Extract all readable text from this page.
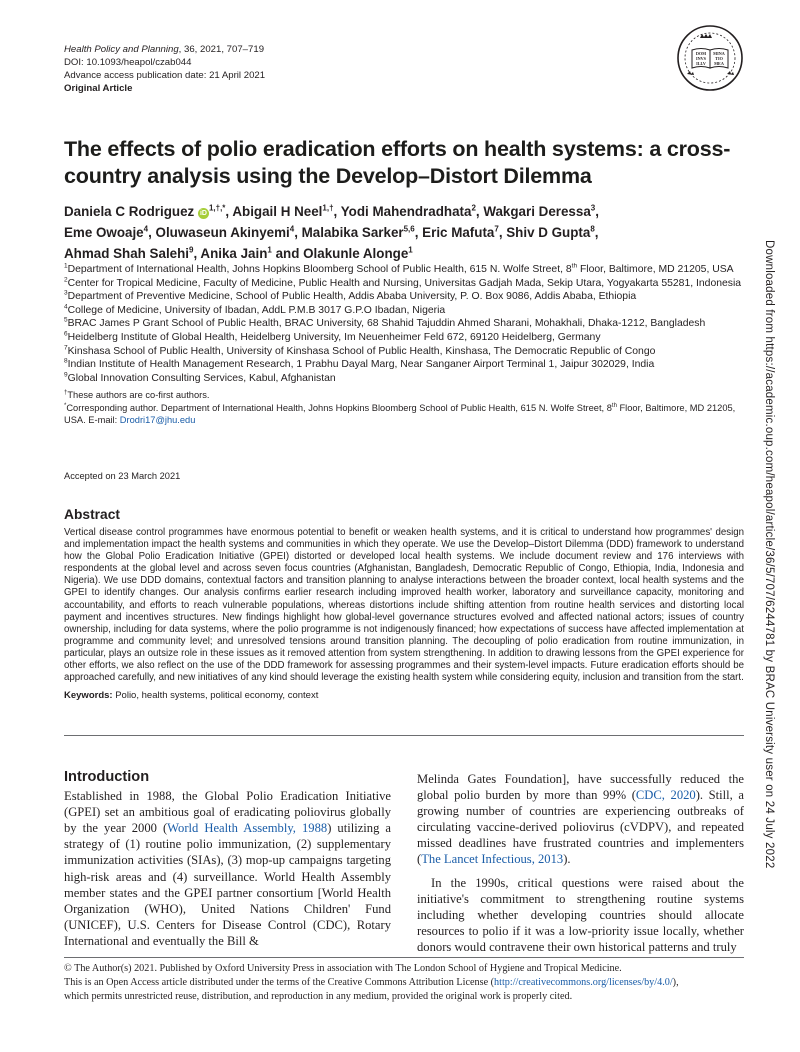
Health Policy and Planning, 36, 2021, 707–719
DOI: 10.1093/heapol/czab044
Advance access publication date: 21 April 2021
Original Article
DOM
INVS
ILLV
MINA
TIO
MEA
The effects of polio eradication efforts on health systems: a cross-country analysis using the Develop–Distort Dilemma
Daniela C Rodriguez $iD^{1,\dagger,*}$, Abigail H Neel$^{1,\dagger}$, Yodi Mahendradhata$^2$, Wakgari Deressa$^3$,
Eme Owoaje$^4$, Oluwaseun Akinyemi$^4$, Malabika Sarker$^{5,6}$, Eric Mafuta$^7$, Shiv D Gupta$^8$,
Ahmad Shah Salehi$^9$, Anika Jain$^1$ and Olakunle Alonge$^1$

$^1$Department of International Health, Johns Hopkins Bloomberg School of Public Health, 615 N. Wolfe Street, 8th Floor, Baltimore, MD 21205, USA

$^2$Center for Tropical Medicine, Faculty of Medicine, Public Health and Nursing, Universitas Gadjah Mada, Sekip Utara, Yogyakarta 55281, Indonesia

$^3$Department of Preventive Medicine, School of Public Health, Addis Ababa University, P. O. Box 9086, Addis Ababa, Ethiopia

$^4$College of Medicine, University of Ibadan, AddL P.M.B 3017 G.P.O Ibadan, Nigeria

$^5$BRAC James P Grant School of Public Health, BRAC University, 68 Shahid Tajuddin Ahmed Sharani, Mohakhali, Dhaka-1212, Bangladesh

$^6$Heidelberg Institute of Global Health, Heidelberg University, Im Neuenheimer Feld 672, 69120 Heidelberg, Germany

$^7$Kinshasa School of Public Health, University of Kinshasa School of Public Health, Kinshasa, The Democratic Republic of Congo

$^8$Indian Institute of Health Management Research, 1 Prabhu Dayal Marg, Near Sanganer Airport Terminal 1, Jaipur 302029, India

$^9$Global Innovation Consulting Services, Kabul, Afghanistan

†These authors are co-first authors.

*Corresponding author. Department of International Health, Johns Hopkins Bloomberg School of Public Health, 615 N. Wolfe Street, 8th Floor, Baltimore, MD 21205, USA. E-mail: Drodri17@jhu.edu

Accepted on 23 March 2021
Abstract

Vertical disease control programmes have enormous potential to benefit or weaken health systems, and it is critical to understand how programmes' design and implementation impact the health systems and communities in which they operate. We use the Develop–Distort Dilemma (DDD) framework to understand how the Global Polio Eradication Initiative (GPEI) distorted or developed local health systems. We include document review and 176 interviews with respondents at the global level and across seven focus countries (Afghanistan, Bangladesh, Democratic Republic of Congo, Ethiopia, India, Indonesia and Nigeria). We use DDD domains, contextual factors and transition planning to analyse interactions between the broader context, local health systems and the GPEI to identify changes. Our analysis confirms earlier research including improved health worker, laboratory and surveillance capacity, monitoring and accountability, and efforts to reach vulnerable populations, whereas distortions include shifting attention from routine health services and distorting local payment and incentives structures. New findings highlight how global-level governance structures evolved and affected national actors; issues of country ownership, including for data systems, where the polio programme is not indigenously financed; how expectations of success have affected implementation at programme and community level; and unresolved tensions around transition planning. The decoupling of polio eradication from routine immunization, in particular, plays an outsize role in these issues as it removed attention from system strengthening. In addition to drawing lessons from the GPEI experience for other efforts, we also reflect on the use of the DDD framework for assessing programmes and their system-level impacts. Future eradication efforts should be approached carefully, and new initiatives of any kind should leverage the existing health system while considering equity, inclusion and transition from the start.

Keywords: Polio, health systems, political economy, context

Introduction

Established in 1988, the Global Polio Eradication Initiative (GPEI) set an ambitious goal of eradicating poliovirus globally by the year 2000 (World Health Assembly, 1988) utilizing a strategy of (1) routine polio immunization, (2) supplementary immunization activities (SIAs), (3) mop-up campaigns targeting high-risk areas and (4) surveillance. World Health Assembly member states and the GPEI partner consortium [World Health Organization (WHO), United Nations Children' Fund (UNICEF), U.S. Centers for Disease Control (CDC), Rotary International and eventually the Bill &

Melinda Gates Foundation], have successfully reduced the global polio burden by more than 99% (CDC, 2020). Still, a growing number of countries are experiencing outbreaks of circulating vaccine-derived poliovirus (cVDPV), and repeated missed deadlines have frustrated countries and implementers (The Lancet Infectious, 2013).

In the 1990s, critical questions were raised about the initiative's commitment to strengthening routine systems including whether developing countries should allocate resources to polio if it was a low-priority issue locally, whether donors would contravene their own historical patterns and truly

© The Author(s) 2021. Published by Oxford University Press in association with The London School of Hygiene and Tropical Medicine.

This is an Open Access article distributed under the terms of the Creative Commons Attribution License (http://creativecommons.org/licenses/by/4.0/),

which permits unrestricted reuse, distribution, and reproduction in any medium, provided the original work is properly cited.

Downloaded from https://academic.oup.com/heapol/article/36/5/707/6244781 by BRAC University user on 24 July 2022
